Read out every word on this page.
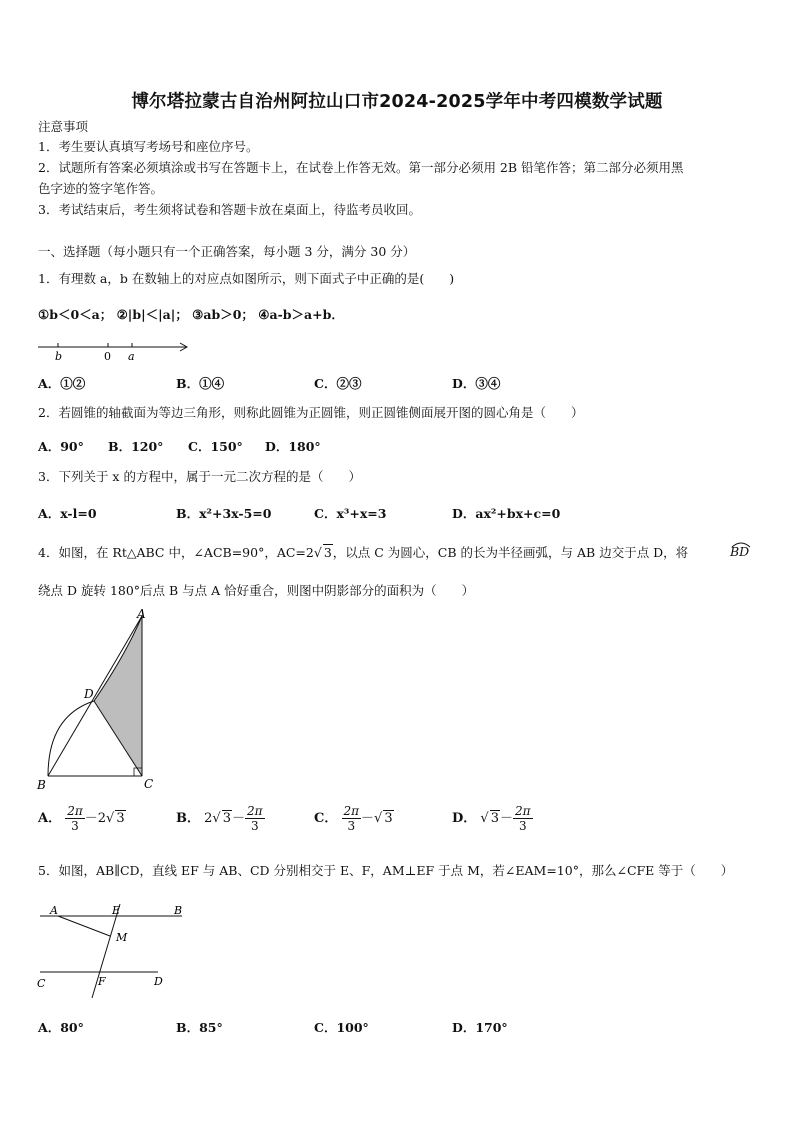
博尔塔拉蒙古自治州阿拉山口市2024-2025学年中考四模数学试题
注意事项
1．考生要认真填写考场号和座位序号。
2．试题所有答案必须填涂或书写在答题卡上，在试卷上作答无效。第一部分必须用 2B 铅笔作答；第二部分必须用黑
色字迹的签字笔作答。
3．考试结束后，考生须将试卷和答题卡放在桌面上，待监考员收回。
一、选择题（每小题只有一个正确答案，每小题 3 分，满分 30 分）
1．有理数 a，b 在数轴上的对应点如图所示，则下面式子中正确的是(　　)
①b＜0＜a； ②|b|＜|a|； ③ab＞0； ④a-b＞a+b．
b	0 a
A．①②	B．①④	C．②③	D．③④
2．若圆锥的轴截面为等边三角形，则称此圆锥为正圆锥，则正圆锥侧面展开图的圆心角是（　　）
A．90° B．120° C．150° D．180°
3．下列关于 x 的方程中，属于一元二次方程的是（　　）
A．x-l=0	B．x²+3x-5=0	C．x³+x=3	D．ax²+bx+c=0
4．如图，在 Rt△ABC 中，∠ACB=90°，AC=2√ 3，以点 C 为圆心，CB 的长为半径画弧，与 AB 边交于点 D，将	BD
绕点 D 旋转 180°后点 B 与点 A 恰好重合，则图中阴影部分的面积为（　　）
A
D
B	C
A． $\frac{2\pi}{3} -2√$ 3	B． 2√ $3- \frac{2\pi}{3}$	C． $\frac{2\pi}{3}$ －√ 3	D． √ $3- \frac{2\pi}{3}$
5．如图，AB∥CD，直线 EF 与 AB、CD 分别相交于 E、F，AM⊥EF 于点 M，若∠EAM=10°，那么∠CFE 等于（　　）
A	E	B
M
C	F	D
A．80°	B．85°	C．100°	D．170°
